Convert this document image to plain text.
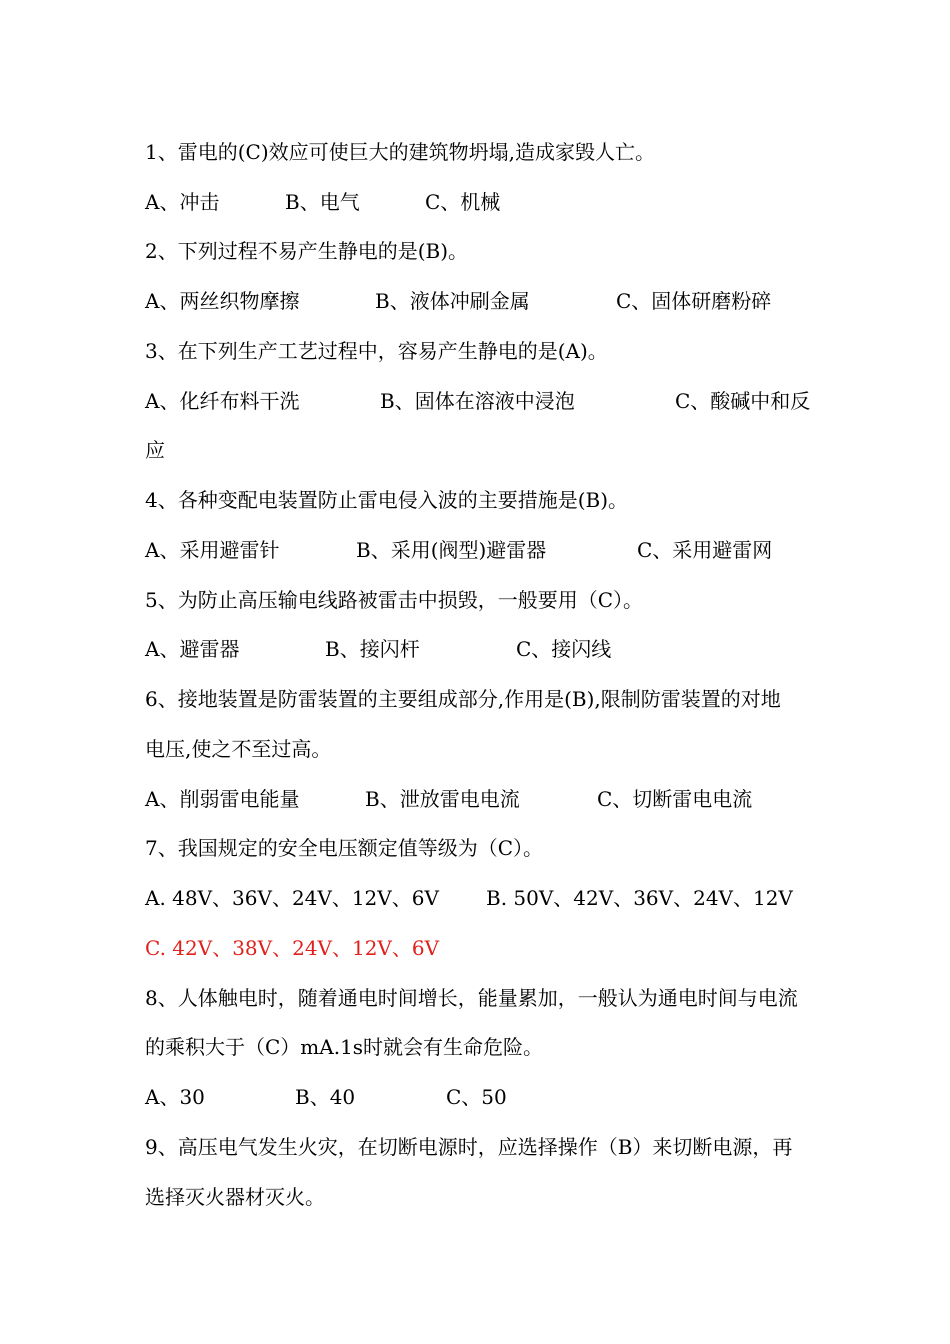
1、雷电的(C)效应可使巨大的建筑物坍塌,造成家毁人亡。
A、冲击	B、电气	C、机械
2、下列过程不易产生静电的是(B)。
A、两丝织物摩擦	B、液体冲刷金属	C、固体研磨粉碎
3、在下列生产工艺过程中，容易产生静电的是(A)。
A、化纤布料干洗	B、固体在溶液中浸泡	C、酸碱中和反
应
4、各种变配电装置防止雷电侵入波的主要措施是(B)。
A、采用避雷针	B、采用(阀型)避雷器	C、采用避雷网
5、为防止高压输电线路被雷击中损毁，一般要用（C）。
A、避雷器	B、接闪杆	C、接闪线
6、接地装置是防雷装置的主要组成部分,作用是(B),限制防雷装置的对地
电压,使之不至过高。
A、削弱雷电能量	B、泄放雷电电流	C、切断雷电电流
7、我国规定的安全电压额定值等级为（C）。
A. 48V、36V、24V、12V、6V B. 50V、42V、36V、24V、12V
C. 42V、38V、24V、12V、6V
8、人体触电时，随着通电时间增长，能量累加，一般认为通电时间与电流
的乘积大于（C）mA.1s时就会有生命危险。
A、30	B、40	C、50
9、高压电气发生火灾，在切断电源时，应选择操作（B）来切断电源，再
选择灭火器材灭火。
